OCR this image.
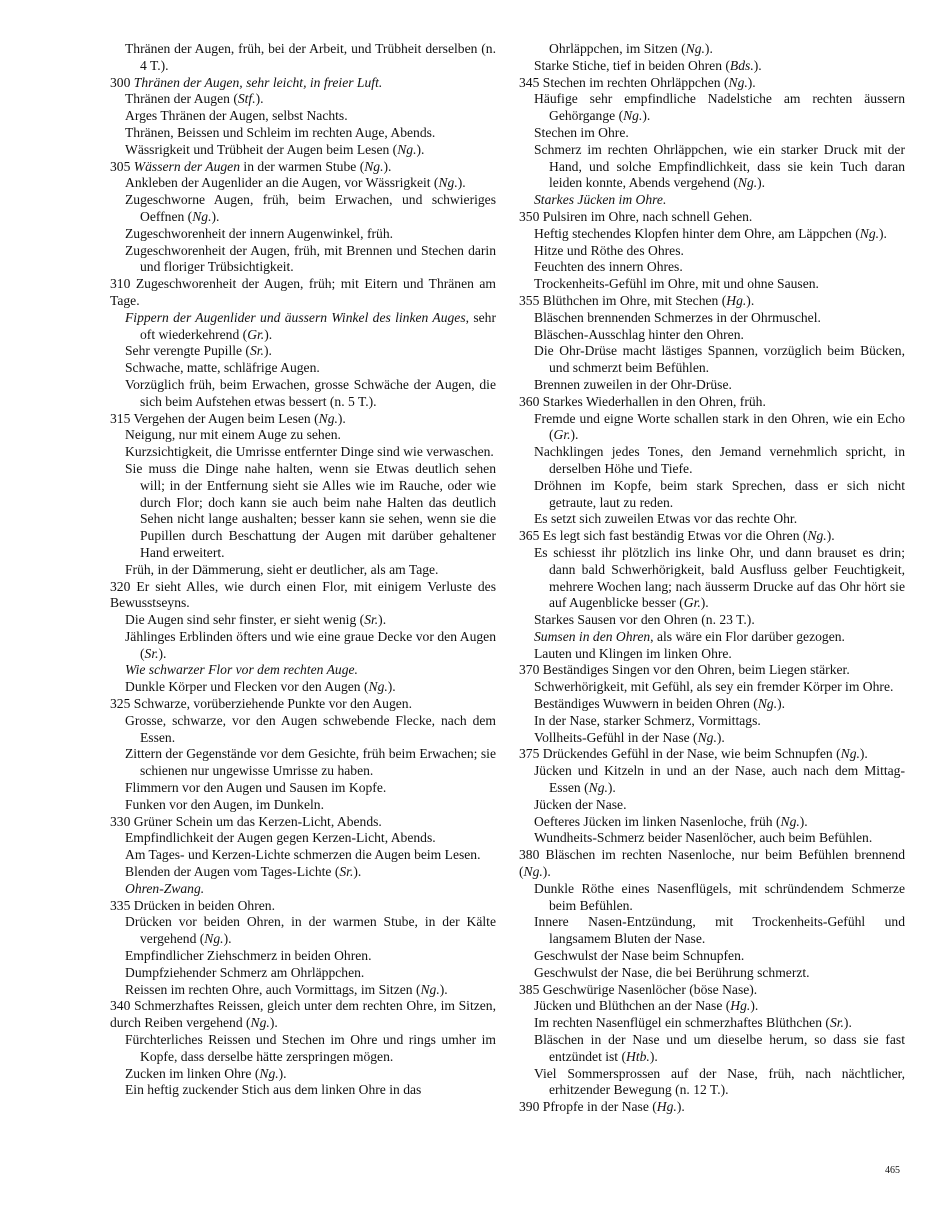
Thränen der Augen, früh, bei der Arbeit, und Trübheit derselben (n. 4 T.).

300 Thränen der Augen, sehr leicht, in freier Luft.

Thränen der Augen (Stf.).

Arges Thränen der Augen, selbst Nachts.

Thränen, Beissen und Schleim im rechten Auge, Abends.

Wässrigkeit und Trübheit der Augen beim Lesen (Ng.).

305 Wässern der Augen in der warmen Stube (Ng.).

Ankleben der Augenlider an die Augen, vor Wässrigkeit (Ng.).

Zugeschworne Augen, früh, beim Erwachen, und schwieriges Oeffnen (Ng.).

Zugeschworenheit der innern Augenwinkel, früh.

Zugeschworenheit der Augen, früh, mit Brennen und Stechen darin und floriger Trübsichtigkeit.

310 Zugeschworenheit der Augen, früh; mit Eitern und Thränen am Tage.

Fippern der Augenlider und äussern Winkel des linken Auges, sehr oft wiederkehrend (Gr.).

Sehr verengte Pupille (Sr.).

Schwache, matte, schläfrige Augen.

Vorzüglich früh, beim Erwachen, grosse Schwäche der Augen, die sich beim Aufstehen etwas bessert (n. 5 T.).

315 Vergehen der Augen beim Lesen (Ng.).

Neigung, nur mit einem Auge zu sehen.

Kurzsichtigkeit, die Umrisse entfernter Dinge sind wie verwaschen.

Sie muss die Dinge nahe halten, wenn sie Etwas deutlich sehen will; in der Entfernung sieht sie Alles wie im Rauche, oder wie durch Flor; doch kann sie auch beim nahe Halten das deutlich Sehen nicht lange aushalten; besser kann sie sehen, wenn sie die Pupillen durch Beschattung der Augen mit darüber gehaltener Hand erweitert.

Früh, in der Dämmerung, sieht er deutlicher, als am Tage.

320 Er sieht Alles, wie durch einen Flor, mit einigem Verluste des Bewusstseyns.

Die Augen sind sehr finster, er sieht wenig (Sr.).

Jählinges Erblinden öfters und wie eine graue Decke vor den Augen (Sr.).

Wie schwarzer Flor vor dem rechten Auge.

Dunkle Körper und Flecken vor den Augen (Ng.).

325 Schwarze, vorüberziehende Punkte vor den Augen.

Grosse, schwarze, vor den Augen schwebende Flecke, nach dem Essen.

Zittern der Gegenstände vor dem Gesichte, früh beim Erwachen; sie schienen nur ungewisse Umrisse zu haben.

Flimmern vor den Augen und Sausen im Kopfe.

Funken vor den Augen, im Dunkeln.

330 Grüner Schein um das Kerzen-Licht, Abends.

Empfindlichkeit der Augen gegen Kerzen-Licht, Abends.

Am Tages- und Kerzen-Lichte schmerzen die Augen beim Lesen.

Blenden der Augen vom Tages-Lichte (Sr.).

Ohren-Zwang.

335 Drücken in beiden Ohren.

Drücken vor beiden Ohren, in der warmen Stube, in der Kälte vergehend (Ng.).

Empfindlicher Ziehschmerz in beiden Ohren.

Dumpfziehender Schmerz am Ohrläppchen.

Reissen im rechten Ohre, auch Vormittags, im Sitzen (Ng.).

340 Schmerzhaftes Reissen, gleich unter dem rechten Ohre, im Sitzen, durch Reiben vergehend (Ng.).

Fürchterliches Reissen und Stechen im Ohre und rings umher im Kopfe, dass derselbe hätte zerspringen mögen.

Zucken im linken Ohre (Ng.).

Ein heftig zuckender Stich aus dem linken Ohre in das

Ohrläppchen, im Sitzen (Ng.).

Starke Stiche, tief in beiden Ohren (Bds.).

345 Stechen im rechten Ohrläppchen (Ng.).

Häufige sehr empfindliche Nadelstiche am rechten äussern Gehörgange (Ng.).

Stechen im Ohre.

Schmerz im rechten Ohrläppchen, wie ein starker Druck mit der Hand, und solche Empfindlichkeit, dass sie kein Tuch daran leiden konnte, Abends vergehend (Ng.).

Starkes Jücken im Ohre.

350 Pulsiren im Ohre, nach schnell Gehen.

Heftig stechendes Klopfen hinter dem Ohre, am Läppchen (Ng.).

Hitze und Röthe des Ohres.

Feuchten des innern Ohres.

Trockenheits-Gefühl im Ohre, mit und ohne Sausen.

355 Blüthchen im Ohre, mit Stechen (Hg.).

Bläschen brennenden Schmerzes in der Ohrmuschel.

Bläschen-Ausschlag hinter den Ohren.

Die Ohr-Drüse macht lästiges Spannen, vorzüglich beim Bücken, und schmerzt beim Befühlen.

Brennen zuweilen in der Ohr-Drüse.

360 Starkes Wiederhallen in den Ohren, früh.

Fremde und eigne Worte schallen stark in den Ohren, wie ein Echo (Gr.).

Nachklingen jedes Tones, den Jemand vernehmlich spricht, in derselben Höhe und Tiefe.

Dröhnen im Kopfe, beim stark Sprechen, dass er sich nicht getraute, laut zu reden.

Es setzt sich zuweilen Etwas vor das rechte Ohr.

365 Es legt sich fast beständig Etwas vor die Ohren (Ng.).

Es schiesst ihr plötzlich ins linke Ohr, und dann brauset es drin; dann bald Schwerhörigkeit, bald Ausfluss gelber Feuchtigkeit, mehrere Wochen lang; nach äusserm Drucke auf das Ohr hört sie auf Augenblicke besser (Gr.).

Starkes Sausen vor den Ohren (n. 23 T.).

Sumsen in den Ohren, als wäre ein Flor darüber gezogen.

Lauten und Klingen im linken Ohre.

370 Beständiges Singen vor den Ohren, beim Liegen stärker.

Schwerhörigkeit, mit Gefühl, als sey ein fremder Körper im Ohre.

Beständiges Wuwwern in beiden Ohren (Ng.).

In der Nase, starker Schmerz, Vormittags.

Vollheits-Gefühl in der Nase (Ng.).

375 Drückendes Gefühl in der Nase, wie beim Schnupfen (Ng.).

Jücken und Kitzeln in und an der Nase, auch nach dem Mittag-Essen (Ng.).

Jücken der Nase.

Oefteres Jücken im linken Nasenloche, früh (Ng.).

Wundheits-Schmerz beider Nasenlöcher, auch beim Befühlen.

380 Bläschen im rechten Nasenloche, nur beim Befühlen brennend (Ng.).

Dunkle Röthe eines Nasenflügels, mit schründendem Schmerze beim Befühlen.

Innere Nasen-Entzündung, mit Trockenheits-Gefühl und langsamem Bluten der Nase.

Geschwulst der Nase beim Schnupfen.

Geschwulst der Nase, die bei Berührung schmerzt.

385 Geschwürige Nasenlöcher (böse Nase).

Jücken und Blüthchen an der Nase (Hg.).

Im rechten Nasenflügel ein schmerzhaftes Blüthchen (Sr.).

Bläschen in der Nase und um dieselbe herum, so dass sie fast entzündet ist (Htb.).

Viel Sommersprossen auf der Nase, früh, nach nächtlicher, erhitzender Bewegung (n. 12 T.).

390 Pfropfe in der Nase (Hg.).

465
